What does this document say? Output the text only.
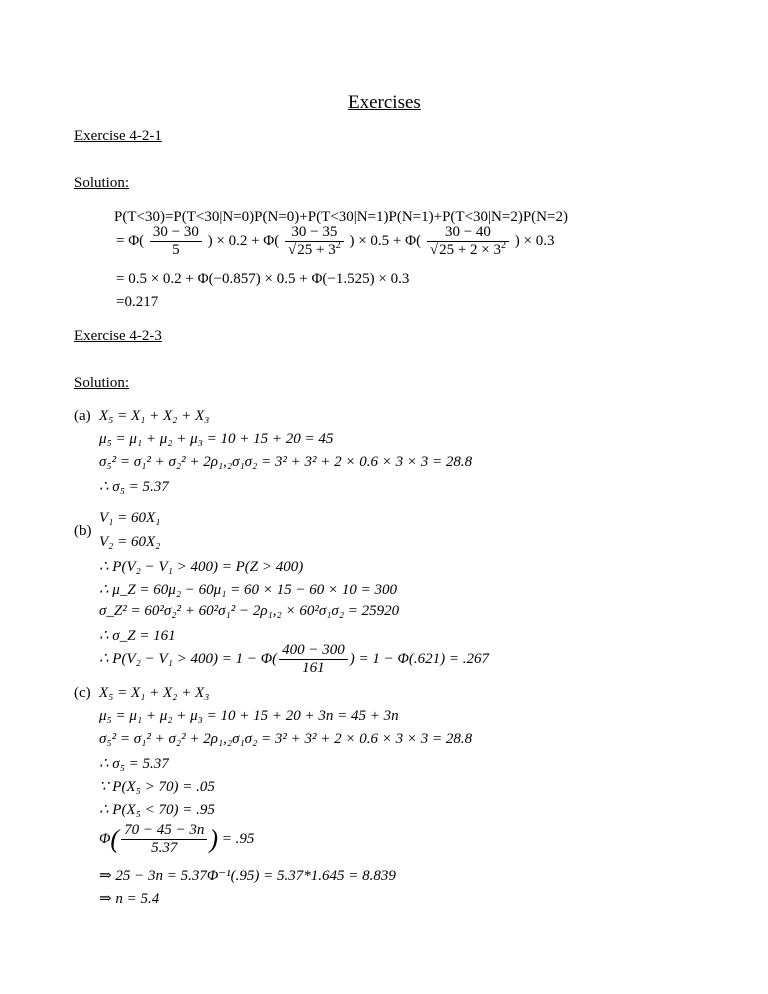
Exercises
Exercise 4-2-1
Solution:
P(T<30)=P(T<30|N=0)P(N=0)+P(T<30|N=1)P(N=1)+P(T<30|N=2)P(N=2)
= $\Phi( \frac{30 - 30}{5}$ ) × $0.2 + \Phi( \frac{30 - 35}{√25 + 3^2}$ ) × $0.5 + \Phi( \frac{30 - 40}{√25 + 2 \times 3^2}$ ) × 0.3
= 0.5 × 0.2 + Φ(−0.857) × 0.5 + Φ(−1.525) × 0.3
=0.217
Exercise 4-2-3
Solution:
(a) X₅ = X₁ + X₂ + X₃
μ₅ = μ₁ + μ₂ + μ₃ = 10 + 15 + 20 = 45
σ₅² = σ₁² + σ₂² + 2ρ₁,₂σ₁σ₂ = 3² + 3² + 2 × 0.6 × 3 × 3 = 28.8
∴ σ₅ = 5.37
(b)
V₁ = 60X₁
V₂ = 60X₂
∴ P(V₂ − V₁ > 400) = P(Z > 400)
∴ μ_Z = 60μ₂ − 60μ₁ = 60 × 15 − 60 × 10 = 300
σ_Z² = 60²σ₂² + 60²σ₁² − 2ρ₁,₂ × 60²σ₁σ₂ = 25920
∴ σ_Z = 161
∴ $P(V_2 - V_1 > 400) = 1 - \Phi( \frac{400 - 300}{161}$ ) = 1 − Φ(.621) = .267
(c) X₅ = X₁ + X₂ + X₃
μ₅ = μ₁ + μ₂ + μ₃ = 10 + 15 + 20 + 3n = 45 + 3n
σ₅² = σ₁² + σ₂² + 2ρ₁,₂σ₁σ₂ = 3² + 3² + 2 × 0.6 × 3 × 3 = 28.8
∴ σ₅ = 5.37
∵ P(X₅ > 70) = .05
∴ P(X₅ < 70) = .95
$\Phi( \frac{70 - 45 - 3n}{5.37}$ ) = .95
⇒ 25 − 3n = 5.37Φ⁻¹(.95) = 5.37*1.645 = 8.839
⇒ n = 5.4
